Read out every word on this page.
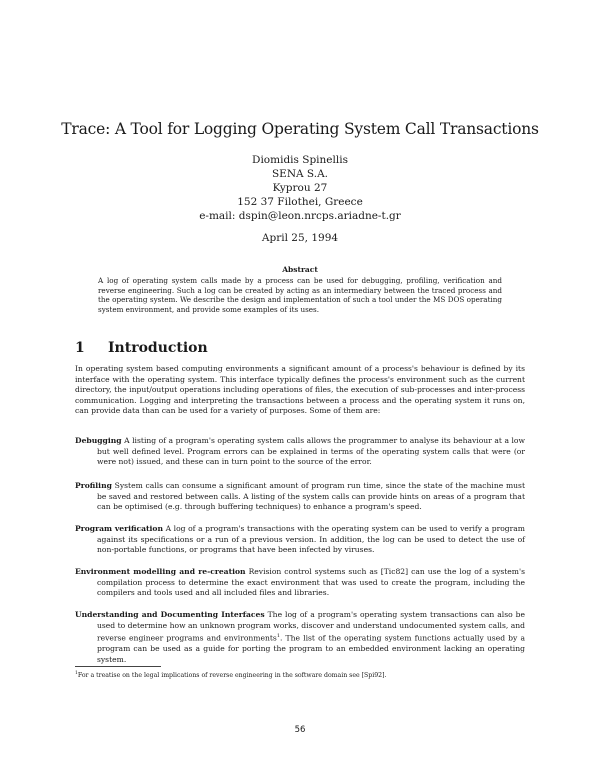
Trace: A Tool for Logging Operating System Call Transactions
Diomidis Spinellis
SENA S.A.
Kyprou 27
152 37 Filothei, Greece
e-mail: dspin@leon.nrcps.ariadne-t.gr
April 25, 1994
Abstract
A log of operating system calls made by a process can be used for debugging, profiling, verification and reverse engineering. Such a log can be created by acting as an intermediary between the traced process and the operating system. We describe the design and implementation of such a tool under the MS DOS operating system environment, and provide some examples of its uses.
1 Introduction
In operating system based computing environments a significant amount of a process's behaviour is defined by its interface with the operating system. This interface typically defines the process's environment such as the current directory, the input/output operations including operations of files, the execution of sub-processes and inter-process communication. Logging and interpreting the transactions between a process and the operating system it runs on, can provide data than can be used for a variety of purposes. Some of them are:
Debugging A listing of a program's operating system calls allows the programmer to analyse its behaviour at a low but well defined level. Program errors can be explained in terms of the operating system calls that were (or were not) issued, and these can in turn point to the source of the error.
Profiling System calls can consume a significant amount of program run time, since the state of the machine must be saved and restored between calls. A listing of the system calls can provide hints on areas of a program that can be optimised (e.g. through buffering techniques) to enhance a program's speed.
Program verification A log of a program's transactions with the operating system can be used to verify a program against its specifications or a run of a previous version. In addition, the log can be used to detect the use of non-portable functions, or programs that have been infected by viruses.
Environment modelling and re-creation Revision control systems such as [Tic82] can use the log of a system's compilation process to determine the exact environment that was used to create the program, including the compilers and tools used and all included files and libraries.
Understanding and Documenting Interfaces The log of a program's operating system transactions can also be used to determine how an unknown program works, discover and understand undocumented system calls, and reverse engineer programs and environments$^1$. The list of the operating system functions actually used by a program can be used as a guide for porting the program to an embedded environment lacking an operating system.
$^1$For a treatise on the legal implications of reverse engineering in the software domain see [Spi92].
56
